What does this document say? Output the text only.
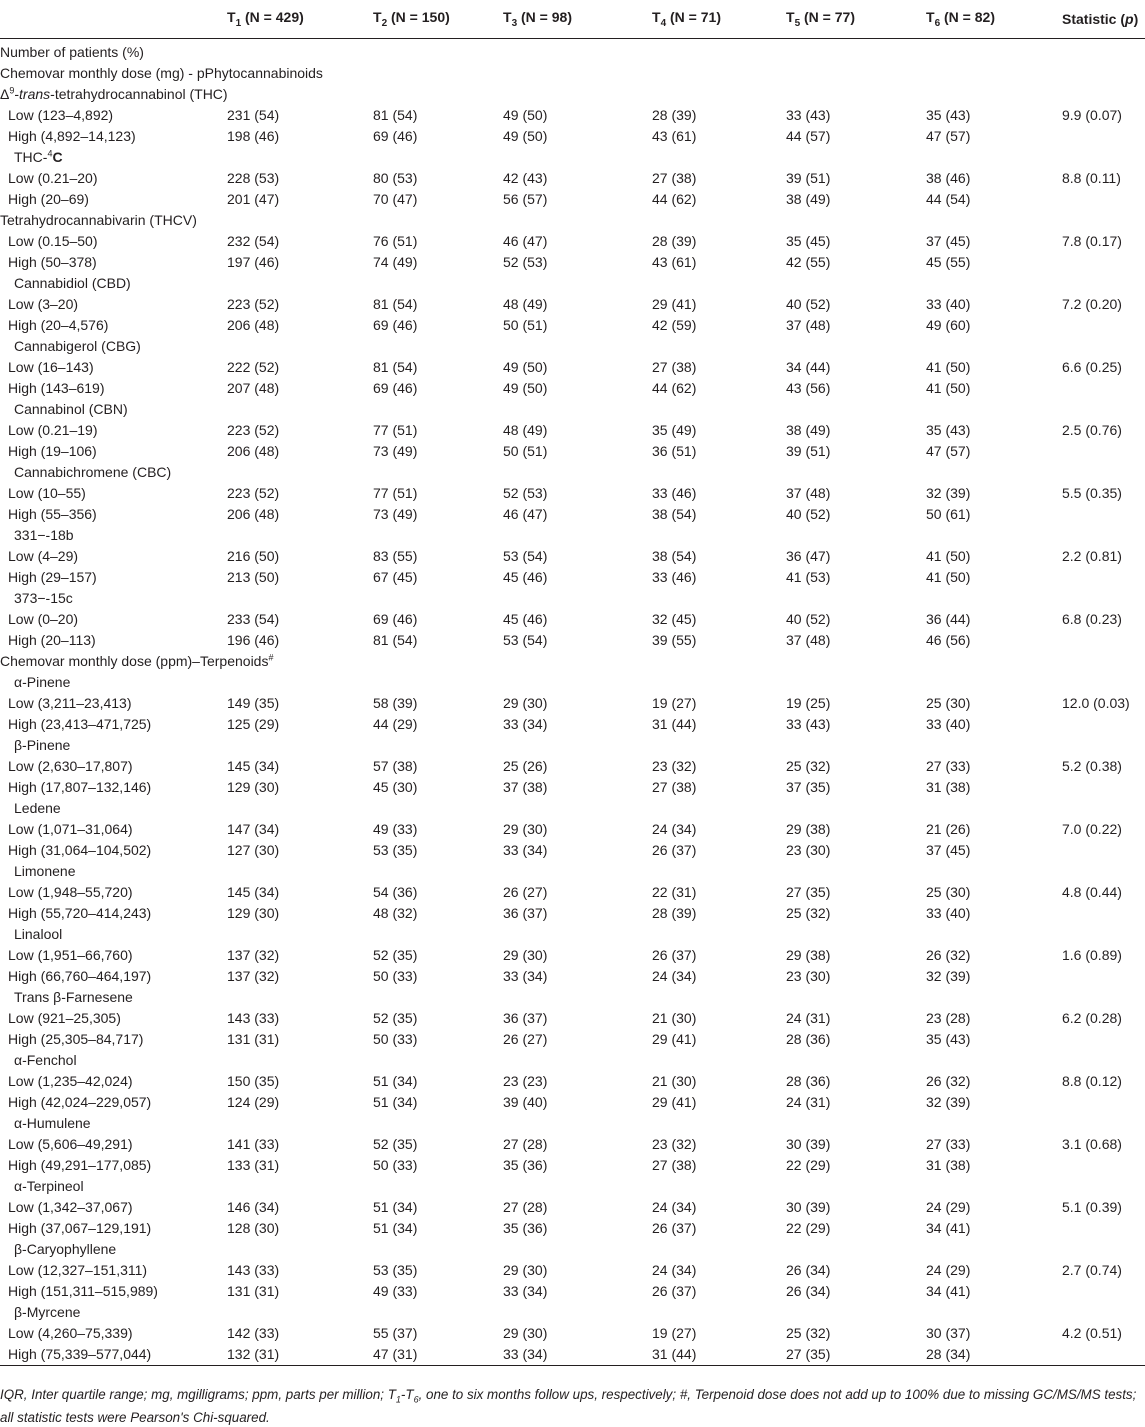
	$T_1$ (N = 429)	$T_2$ (N = 150)	$T_3$ (N = 98)	$T_4$ (N = 71)	$T_5$ (N = 77)	$T_6$ (N = 82)	Statistic (p)
Number of patients (%)							
Chemovar monthly dose (mg) - pPhytocannabinoids							
$\Delta^9-trans$-tetrahydrocannabinol (THC)							
Low (123–4,892)	231 (54)	81 (54)	49 (50)	28 (39)	33 (43)	35 (43)	9.9 (0.07)
High (4,892–14,123)	198 (46)	69 (46)	49 (50)	43 (61)	44 (57)	47 (57)	
THC-$^4$C							
Low (0.21–20)	228 (53)	80 (53)	42 (43)	27 (38)	39 (51)	38 (46)	8.8 (0.11)
High (20–69)	201 (47)	70 (47)	56 (57)	44 (62)	38 (49)	44 (54)	
Tetrahydrocannabivarin (THCV)							
Low (0.15–50)	232 (54)	76 (51)	46 (47)	28 (39)	35 (45)	37 (45)	7.8 (0.17)
High (50–378)	197 (46)	74 (49)	52 (53)	43 (61)	42 (55)	45 (55)	
Cannabidiol (CBD)							
Low (3–20)	223 (52)	81 (54)	48 (49)	29 (41)	40 (52)	33 (40)	7.2 (0.20)
High (20–4,576)	206 (48)	69 (46)	50 (51)	42 (59)	37 (48)	49 (60)	
Cannabigerol (CBG)							
Low (16–143)	222 (52)	81 (54)	49 (50)	27 (38)	34 (44)	41 (50)	6.6 (0.25)
High (143–619)	207 (48)	69 (46)	49 (50)	44 (62)	43 (56)	41 (50)	
Cannabinol (CBN)							
Low (0.21–19)	223 (52)	77 (51)	48 (49)	35 (49)	38 (49)	35 (43)	2.5 (0.76)
High (19–106)	206 (48)	73 (49)	50 (51)	36 (51)	39 (51)	47 (57)	
Cannabichromene (CBC)							
Low (10–55)	223 (52)	77 (51)	52 (53)	33 (46)	37 (48)	32 (39)	5.5 (0.35)
High (55–356)	206 (48)	73 (49)	46 (47)	38 (54)	40 (52)	50 (61)	
331−-18b							
Low (4–29)	216 (50)	83 (55)	53 (54)	38 (54)	36 (47)	41 (50)	2.2 (0.81)
High (29–157)	213 (50)	67 (45)	45 (46)	33 (46)	41 (53)	41 (50)	
373−-15c							
Low (0–20)	233 (54)	69 (46)	45 (46)	32 (45)	40 (52)	36 (44)	6.8 (0.23)
High (20–113)	196 (46)	81 (54)	53 (54)	39 (55)	37 (48)	46 (56)	
Chemovar monthly dose (ppm)–Terpenoids#
α-Pinene							
Low (3,211–23,413)	149 (35)	58 (39)	29 (30)	19 (27)	19 (25)	25 (30)	12.0 (0.03)
High (23,413–471,725)	125 (29)	44 (29)	33 (34)	31 (44)	33 (43)	33 (40)	
β-Pinene							
Low (2,630–17,807)	145 (34)	57 (38)	25 (26)	23 (32)	25 (32)	27 (33)	5.2 (0.38)
High (17,807–132,146)	129 (30)	45 (30)	37 (38)	27 (38)	37 (35)	31 (38)	
Ledene							
Low (1,071–31,064)	147 (34)	49 (33)	29 (30)	24 (34)	29 (38)	21 (26)	7.0 (0.22)
High (31,064–104,502)	127 (30)	53 (35)	33 (34)	26 (37)	23 (30)	37 (45)	
Limonene							
Low (1,948–55,720)	145 (34)	54 (36)	26 (27)	22 (31)	27 (35)	25 (30)	4.8 (0.44)
High (55,720–414,243)	129 (30)	48 (32)	36 (37)	28 (39)	25 (32)	33 (40)	
Linalool							
Low (1,951–66,760)	137 (32)	52 (35)	29 (30)	26 (37)	29 (38)	26 (32)	1.6 (0.89)
High (66,760–464,197)	137 (32)	50 (33)	33 (34)	24 (34)	23 (30)	32 (39)	
Trans β-Farnesene							
Low (921–25,305)	143 (33)	52 (35)	36 (37)	21 (30)	24 (31)	23 (28)	6.2 (0.28)
High (25,305–84,717)	131 (31)	50 (33)	26 (27)	29 (41)	28 (36)	35 (43)	
α-Fenchol							
Low (1,235–42,024)	150 (35)	51 (34)	23 (23)	21 (30)	28 (36)	26 (32)	8.8 (0.12)
High (42,024–229,057)	124 (29)	51 (34)	39 (40)	29 (41)	24 (31)	32 (39)	
α-Humulene							
Low (5,606–49,291)	141 (33)	52 (35)	27 (28)	23 (32)	30 (39)	27 (33)	3.1 (0.68)
High (49,291–177,085)	133 (31)	50 (33)	35 (36)	27 (38)	22 (29)	31 (38)	
α-Terpineol							
Low (1,342–37,067)	146 (34)	51 (34)	27 (28)	24 (34)	30 (39)	24 (29)	5.1 (0.39)
High (37,067–129,191)	128 (30)	51 (34)	35 (36)	26 (37)	22 (29)	34 (41)	
β-Caryophyllene							
Low (12,327–151,311)	143 (33)	53 (35)	29 (30)	24 (34)	26 (34)	24 (29)	2.7 (0.74)
High (151,311–515,989)	131 (31)	49 (33)	33 (34)	26 (37)	26 (34)	34 (41)	
β-Myrcene							
Low (4,260–75,339)	142 (33)	55 (37)	29 (30)	19 (27)	25 (32)	30 (37)	4.2 (0.51)
High (75,339–577,044)	132 (31)	47 (31)	33 (34)	31 (44)	27 (35)	28 (34)	
IQR, Inter quartile range; mg, mgilligrams; ppm, parts per million; $T_1-T_6$, one to six months follow ups, respectively; #, Terpenoid dose does not add up to 100% due to missing GC/MS/MS tests; all statistic tests were Pearson's Chi-squared.
